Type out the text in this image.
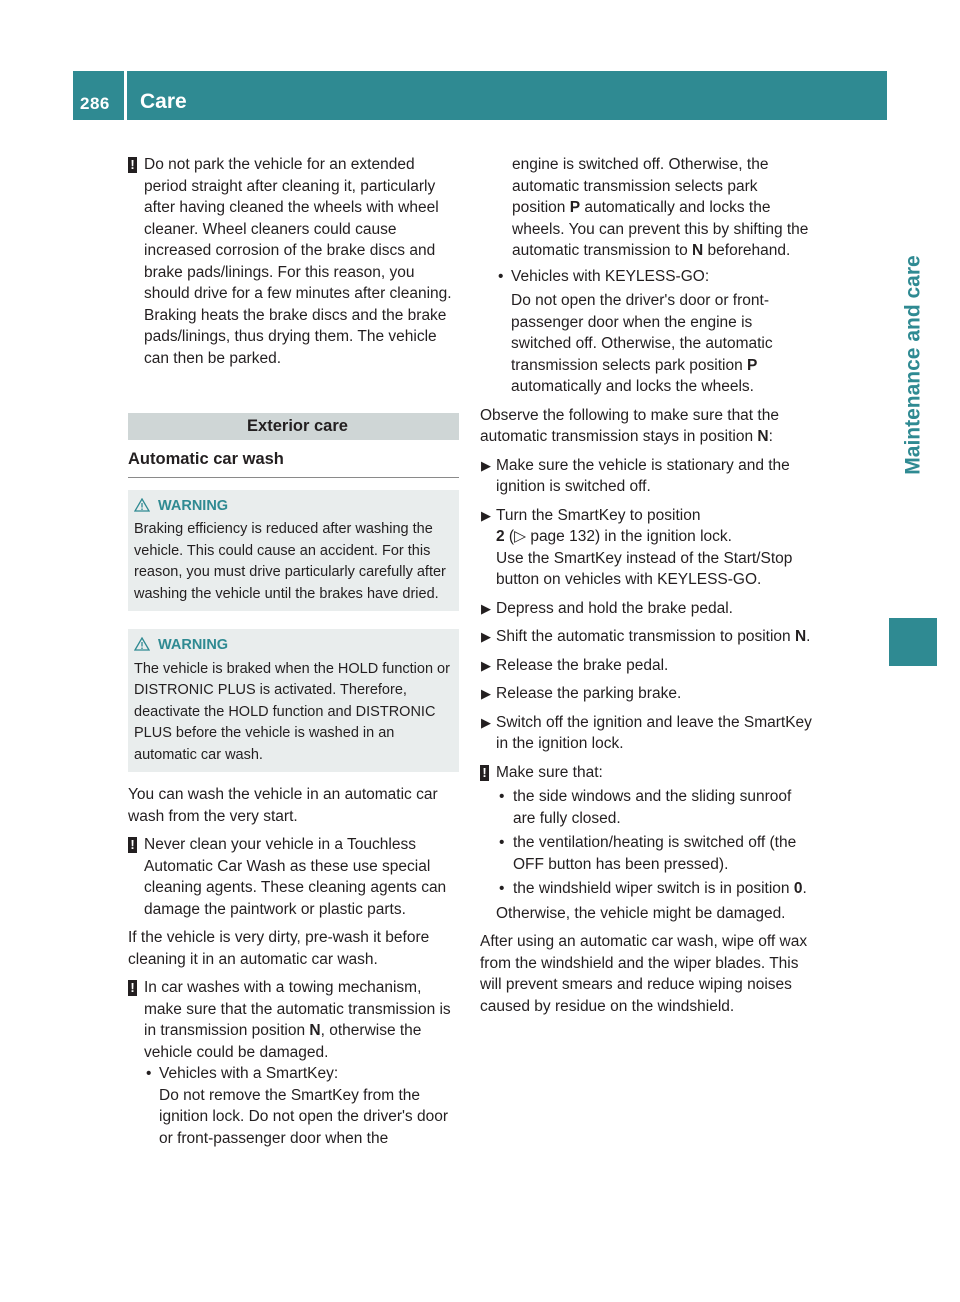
286 Care
Maintenance and care
! Do not park the vehicle for an extended period straight after cleaning it, particularly after having cleaned the wheels with wheel cleaner. Wheel cleaners could cause increased corrosion of the brake discs and brake pads/linings. For this reason, you should drive for a few minutes after cleaning. Braking heats the brake discs and the brake pads/linings, thus drying them. The vehicle can then be parked.
Exterior care
Automatic car wash
WARNING
Braking efficiency is reduced after washing the vehicle. This could cause an accident. For this reason, you must drive particularly carefully after washing the vehicle until the brakes have dried.
WARNING
The vehicle is braked when the HOLD function or DISTRONIC PLUS is activated. Therefore, deactivate the HOLD function and DISTRONIC PLUS before the vehicle is washed in an automatic car wash.

You can wash the vehicle in an automatic car wash from the very start.

! Never clean your vehicle in a Touchless Automatic Car Wash as these use special cleaning agents. These cleaning agents can damage the paintwork or plastic parts.

If the vehicle is very dirty, pre-wash it before cleaning it in an automatic car wash.

! In car washes with a towing mechanism, make sure that the automatic transmission is in transmission position N, otherwise the vehicle could be damaged.
• Vehicles with a SmartKey:
Do not remove the SmartKey from the ignition lock. Do not open the driver's door or front-passenger door when the
engine is switched off. Otherwise, the automatic transmission selects park position P automatically and locks the wheels. You can prevent this by shifting the automatic transmission to N beforehand.
• Vehicles with KEYLESS-GO:
Do not open the driver's door or front-passenger door when the engine is switched off. Otherwise, the automatic transmission selects park position P automatically and locks the wheels.

Observe the following to make sure that the automatic transmission stays in position N:

▶ Make sure the vehicle is stationary and the ignition is switched off.
▶ Turn the SmartKey to position
2 (▷ page 132) in the ignition lock.
Use the SmartKey instead of the Start/Stop button on vehicles with KEYLESS-GO.
▶ Depress and hold the brake pedal.
▶ Shift the automatic transmission to position N.
▶ Release the brake pedal.
▶ Release the parking brake.
▶ Switch off the ignition and leave the SmartKey in the ignition lock.
! Make sure that:
• the side windows and the sliding sunroof are fully closed.
• the ventilation/heating is switched off (the OFF button has been pressed).
• the windshield wiper switch is in position 0.
Otherwise, the vehicle might be damaged.

After using an automatic car wash, wipe off wax from the windshield and the wiper blades. This will prevent smears and reduce wiping noises caused by residue on the windshield.
